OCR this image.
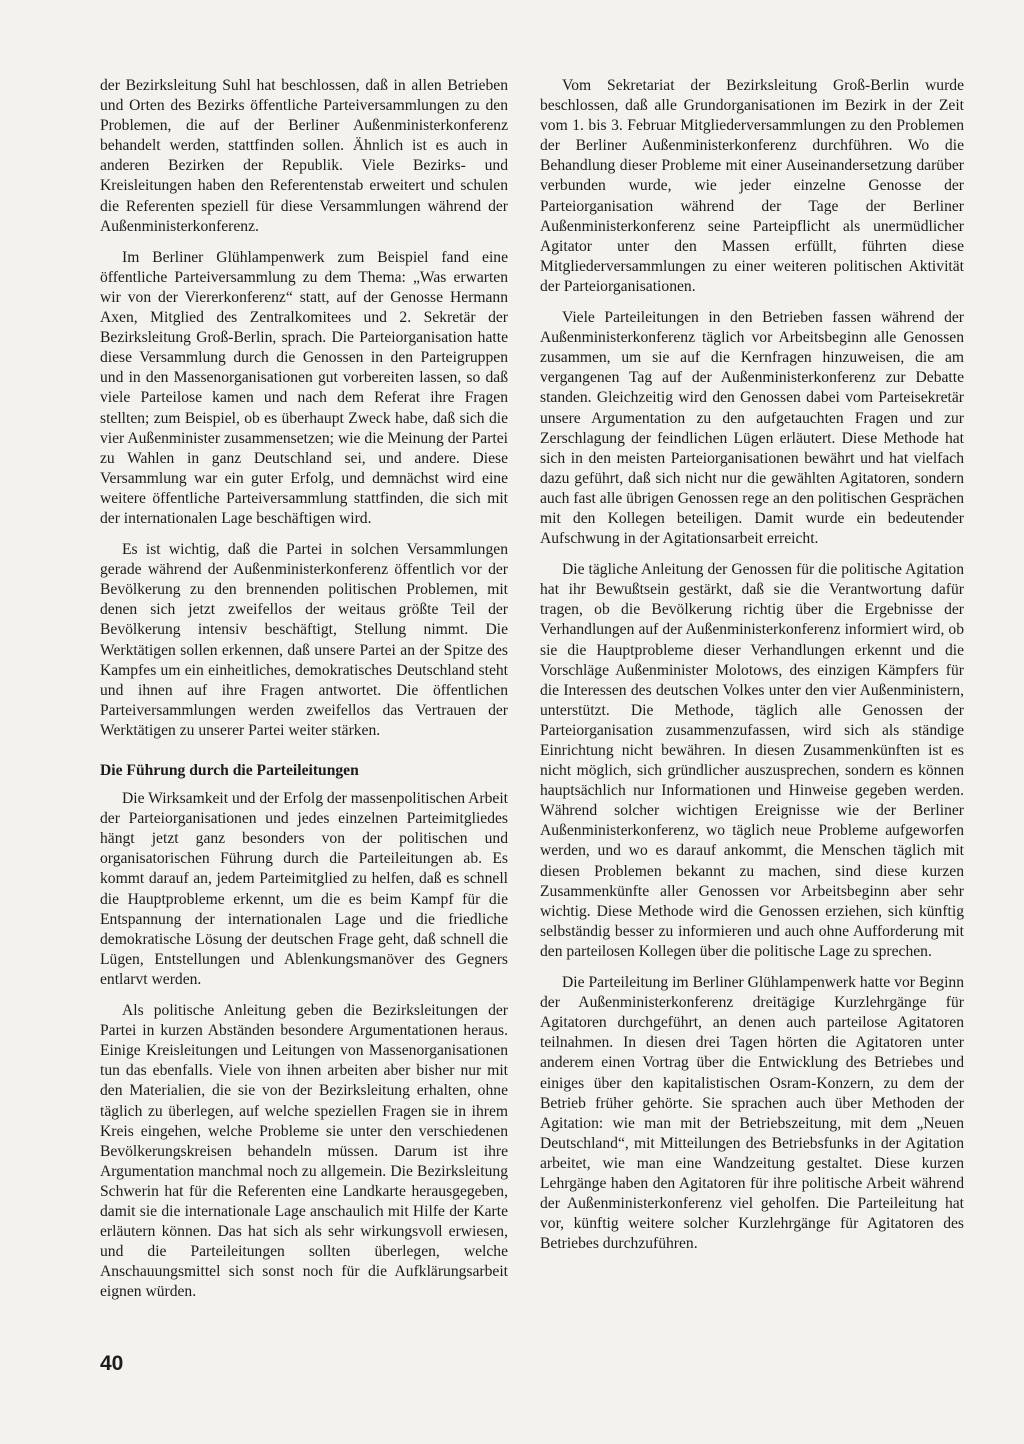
der Bezirksleitung Suhl hat beschlossen, daß in allen Betrieben und Orten des Bezirks öffentliche Parteiversammlungen zu den Problemen, die auf der Berliner Außenministerkonferenz behandelt werden, stattfinden sollen. Ähnlich ist es auch in anderen Bezirken der Republik. Viele Bezirks- und Kreisleitungen haben den Referentenstab erweitert und schulen die Referenten speziell für diese Versammlungen während der Außenministerkonferenz.

Im Berliner Glühlampenwerk zum Beispiel fand eine öffentliche Parteiversammlung zu dem Thema: „Was erwarten wir von der Viererkonferenz“ statt, auf der Genosse Hermann Axen, Mitglied des Zentralkomitees und 2. Sekretär der Bezirksleitung Groß-Berlin, sprach. Die Parteiorganisation hatte diese Versammlung durch die Genossen in den Parteigruppen und in den Massenorganisationen gut vorbereiten lassen, so daß viele Parteilose kamen und nach dem Referat ihre Fragen stellten; zum Beispiel, ob es überhaupt Zweck habe, daß sich die vier Außenminister zusammensetzen; wie die Meinung der Partei zu Wahlen in ganz Deutschland sei, und andere. Diese Versammlung war ein guter Erfolg, und demnächst wird eine weitere öffentliche Parteiversammlung stattfinden, die sich mit der internationalen Lage beschäftigen wird.

Es ist wichtig, daß die Partei in solchen Versammlungen gerade während der Außenministerkonferenz öffentlich vor der Bevölkerung zu den brennenden politischen Problemen, mit denen sich jetzt zweifellos der weitaus größte Teil der Bevölkerung intensiv beschäftigt, Stellung nimmt. Die Werktätigen sollen erkennen, daß unsere Partei an der Spitze des Kampfes um ein einheitliches, demokratisches Deutschland steht und ihnen auf ihre Fragen antwortet. Die öffentlichen Parteiversammlungen werden zweifellos das Vertrauen der Werktätigen zu unserer Partei weiter stärken.

Die Führung durch die Parteileitungen

Die Wirksamkeit und der Erfolg der massenpolitischen Arbeit der Parteiorganisationen und jedes einzelnen Parteimitgliedes hängt jetzt ganz besonders von der politischen und organisatorischen Führung durch die Parteileitungen ab. Es kommt darauf an, jedem Parteimitglied zu helfen, daß es schnell die Hauptprobleme erkennt, um die es beim Kampf für die Entspannung der internationalen Lage und die friedliche demokratische Lösung der deutschen Frage geht, daß schnell die Lügen, Entstellungen und Ablenkungsmanöver des Gegners entlarvt werden.

Als politische Anleitung geben die Bezirksleitungen der Partei in kurzen Abständen besondere Argumentationen heraus. Einige Kreisleitungen und Leitungen von Massenorganisationen tun das ebenfalls. Viele von ihnen arbeiten aber bisher nur mit den Materialien, die sie von der Bezirksleitung erhalten, ohne täglich zu überlegen, auf welche speziellen Fragen sie in ihrem Kreis eingehen, welche Probleme sie unter den verschiedenen Bevölkerungskreisen behandeln müssen. Darum ist ihre Argumentation manchmal noch zu allgemein. Die Bezirksleitung Schwerin hat für die Referenten eine Landkarte herausgegeben, damit sie die internationale Lage anschaulich mit Hilfe der Karte erläutern können. Das hat sich als sehr wirkungsvoll erwiesen, und die Parteileitungen sollten überlegen, welche Anschauungsmittel sich sonst noch für die Aufklärungsarbeit eignen würden.

Vom Sekretariat der Bezirksleitung Groß-Berlin wurde beschlossen, daß alle Grundorganisationen im Bezirk in der Zeit vom 1. bis 3. Februar Mitgliederversammlungen zu den Problemen der Berliner Außenministerkonferenz durchführen. Wo die Behandlung dieser Probleme mit einer Auseinandersetzung darüber verbunden wurde, wie jeder einzelne Genosse der Parteiorganisation während der Tage der Berliner Außenministerkonferenz seine Parteipflicht als unermüdlicher Agitator unter den Massen erfüllt, führten diese Mitgliederversammlungen zu einer weiteren politischen Aktivität der Parteiorganisationen.

Viele Parteileitungen in den Betrieben fassen während der Außenministerkonferenz täglich vor Arbeitsbeginn alle Genossen zusammen, um sie auf die Kernfragen hinzuweisen, die am vergangenen Tag auf der Außenministerkonferenz zur Debatte standen. Gleichzeitig wird den Genossen dabei vom Parteisekretär unsere Argumentation zu den aufgetauchten Fragen und zur Zerschlagung der feindlichen Lügen erläutert. Diese Methode hat sich in den meisten Parteiorganisationen bewährt und hat vielfach dazu geführt, daß sich nicht nur die gewählten Agitatoren, sondern auch fast alle übrigen Genossen rege an den politischen Gesprächen mit den Kollegen beteiligen. Damit wurde ein bedeutender Aufschwung in der Agitationsarbeit erreicht.

Die tägliche Anleitung der Genossen für die politische Agitation hat ihr Bewußtsein gestärkt, daß sie die Verantwortung dafür tragen, ob die Bevölkerung richtig über die Ergebnisse der Verhandlungen auf der Außenministerkonferenz informiert wird, ob sie die Hauptprobleme dieser Verhandlungen erkennt und die Vorschläge Außenminister Molotows, des einzigen Kämpfers für die Interessen des deutschen Volkes unter den vier Außenministern, unterstützt. Die Methode, täglich alle Genossen der Parteiorganisation zusammenzufassen, wird sich als ständige Einrichtung nicht bewähren. In diesen Zusammenkünften ist es nicht möglich, sich gründlicher auszusprechen, sondern es können hauptsächlich nur Informationen und Hinweise gegeben werden. Während solcher wichtigen Ereignisse wie der Berliner Außenministerkonferenz, wo täglich neue Probleme aufgeworfen werden, und wo es darauf ankommt, die Menschen täglich mit diesen Problemen bekannt zu machen, sind diese kurzen Zusammenkünfte aller Genossen vor Arbeitsbeginn aber sehr wichtig. Diese Methode wird die Genossen erziehen, sich künftig selbständig besser zu informieren und auch ohne Aufforderung mit den parteilosen Kollegen über die politische Lage zu sprechen.

Die Parteileitung im Berliner Glühlampenwerk hatte vor Beginn der Außenministerkonferenz dreitägige Kurzlehrgänge für Agitatoren durchgeführt, an denen auch parteilose Agitatoren teilnahmen. In diesen drei Tagen hörten die Agitatoren unter anderem einen Vortrag über die Entwicklung des Betriebes und einiges über den kapitalistischen Osram-Konzern, zu dem der Betrieb früher gehörte. Sie sprachen auch über Methoden der Agitation: wie man mit der Betriebszeitung, mit dem „Neuen Deutschland“, mit Mitteilungen des Betriebsfunks in der Agitation arbeitet, wie man eine Wandzeitung gestaltet. Diese kurzen Lehrgänge haben den Agitatoren für ihre politische Arbeit während der Außenministerkonferenz viel geholfen. Die Parteileitung hat vor, künftig weitere solcher Kurzlehrgänge für Agitatoren des Betriebes durchzuführen.

40
